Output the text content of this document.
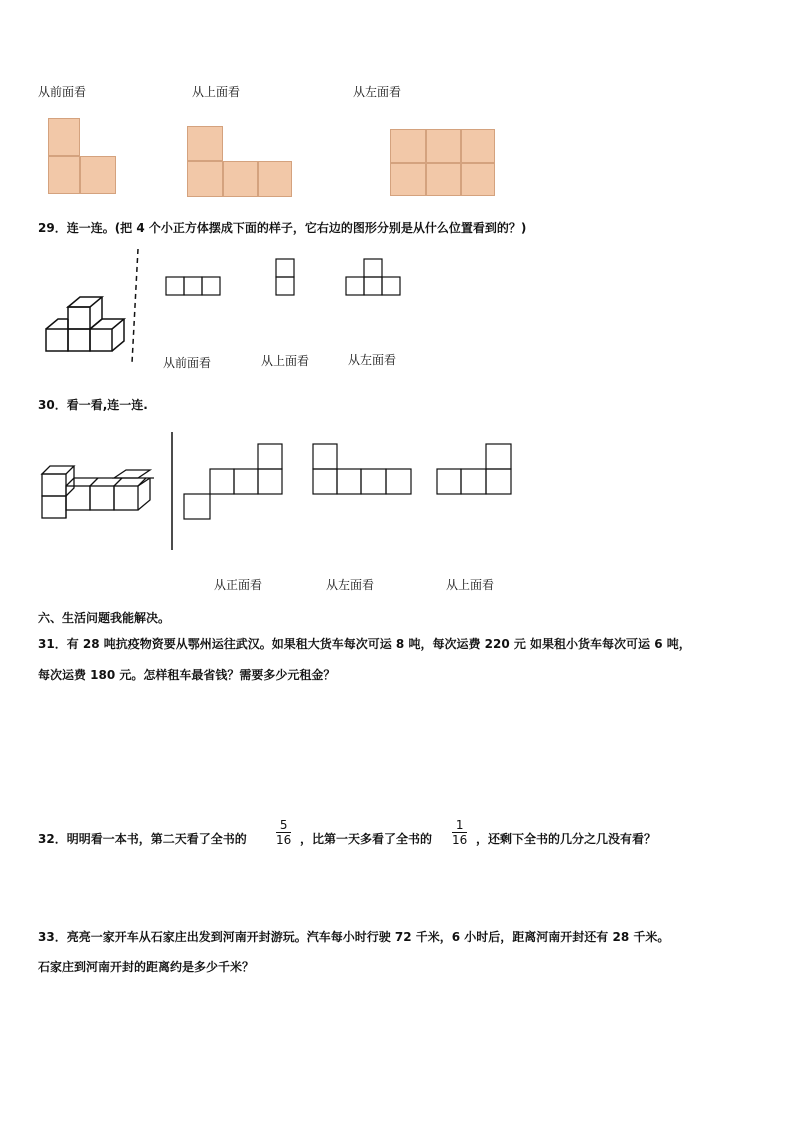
从前面看	从上面看	从左面看
29．连一连。(把 4 个小正方体摆成下面的样子，它右边的图形分别是从什么位置看到的？)
从前面看	从上面看	从左面看
30．看一看,连一连.
从正面看	从左面看	从上面看
六、生活问题我能解决。
31．有 28 吨抗疫物资要从鄂州运往武汉。如果租大货车每次可运 8 吨，每次运费 220 元 如果租小货车每次可运 6 吨，
每次运费 180 元。怎样租车最省钱？需要多少元租金？
32．明明看一本书，第二天看了全书的 $\frac{5}{16}$ ，比第一天多看了全书的 $\frac{1}{16}$ ，还剩下全书的几分之几没有看？
33．亮亮一家开车从石家庄出发到河南开封游玩。汽车每小时行驶 72 千米，6 小时后，距离河南开封还有 28 千米。
石家庄到河南开封的距离约是多少千米？
